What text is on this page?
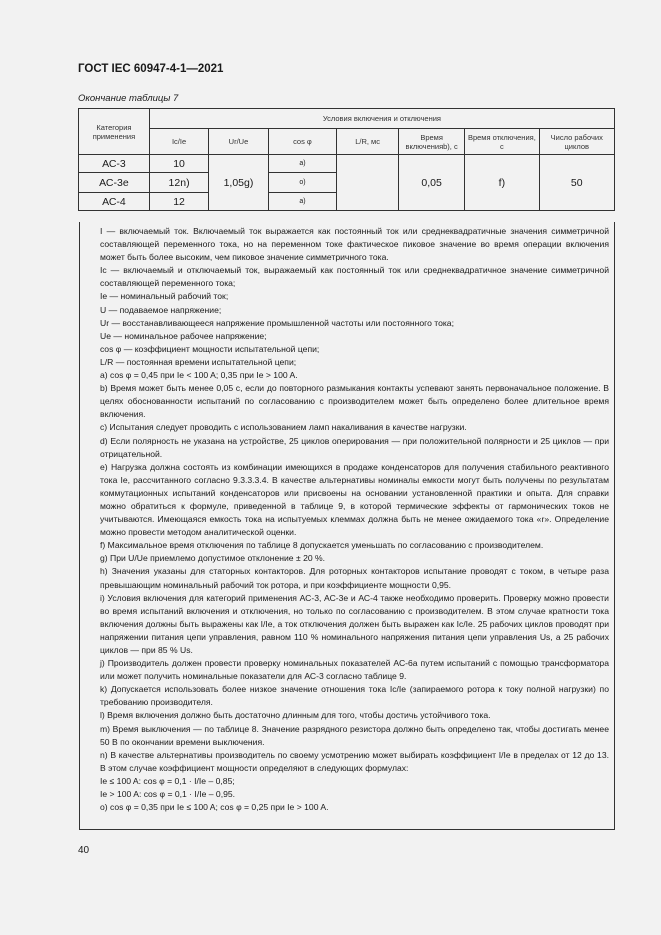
ГОСТ IEC 60947-4-1—2021
Окончание таблицы 7
Категория применения	Условия включения и отключения						
	Ic/Ie	Ur/Ue	cos φ	L/R, мс	Время включенияb), с	Время отключения, с	Число рабочих циклов
АС-3	10	1,05g)	a)		0,05	f)	50
АС-3е	12n)		o)				
АС-4	12		a)				

I — включаемый ток. Включаемый ток выражается как постоянный ток или среднеквадратичные значения симметричной составляющей переменного тока, но на переменном токе фактическое пиковое значение во время операции включения может быть более высоким, чем пиковое значение симметричного тока.

Ic — включаемый и отключаемый ток, выражаемый как постоянный ток или среднеквадратичное значение симметричной составляющей переменного тока;

Ie — номинальный рабочий ток;

U — подаваемое напряжение;

Ur — восстанавливающееся напряжение промышленной частоты или постоянного тока;

Ue — номинальное рабочее напряжение;

cos φ — коэффициент мощности испытательной цепи;

L/R — постоянная времени испытательной цепи;

a) cos φ = 0,45 при Ie < 100 A; 0,35 при Ie > 100 A.

b) Время может быть менее 0,05 с, если до повторного размыкания контакты успевают занять первоначальное положение. В целях обоснованности испытаний по согласованию с производителем может быть определено более длительное время включения.

c) Испытания следует проводить с использованием ламп накаливания в качестве нагрузки.

d) Если полярность не указана на устройстве, 25 циклов оперирования — при положительной полярности и 25 циклов — при отрицательной.

e) Нагрузка должна состоять из комбинации имеющихся в продаже конденсаторов для получения стабильного реактивного тока Ie, рассчитанного согласно 9.3.3.3.4. В качестве альтернативы номиналы емкости могут быть получены по результатам коммутационных испытаний конденсаторов или присвоены на основании установленной практики и опыта. Для справки можно обратиться к формуле, приведенной в таблице 9, в которой термические эффекты от гармонических токов не учитываются. Имеющаяся емкость тока на испытуемых клеммах должна быть не менее ожидаемого тока «r». Определение можно провести методом аналитической оценки.

f) Максимальное время отключения по таблице 8 допускается уменьшать по согласованию с производителем.

g) При U/Ue приемлемо допустимое отклонение ± 20 %.

h) Значения указаны для статорных контакторов. Для роторных контакторов испытание проводят с током, в четыре раза превышающим номинальный рабочий ток ротора, и при коэффициенте мощности 0,95.

i) Условия включения для категорий применения АС-3, АС-3е и АС-4 также необходимо проверить. Проверку можно провести во время испытаний включения и отключения, но только по согласованию с производителем. В этом случае кратности тока включения должны быть выражены как I/Ie, а ток отключения должен быть выражен как Ic/Ie. 25 рабочих циклов проводят при напряжении питания цепи управления, равном 110 % номинального напряжения питания цепи управления Us, а 25 рабочих циклов — при 85 % Us.

j) Производитель должен провести проверку номинальных показателей АС-6а путем испытаний с помощью трансформатора или может получить номинальные показатели для АС-3 согласно таблице 9.

k) Допускается использовать более низкое значение отношения тока Ic/Ie (запираемого ротора к току полной нагрузки) по требованию производителя.

l) Время включения должно быть достаточно длинным для того, чтобы достичь устойчивого тока.

m) Время выключения — по таблице 8. Значение разрядного резистора должно быть определено так, чтобы достигать менее 50 В по окончании времени выключения.

n) В качестве альтернативы производитель по своему усмотрению может выбирать коэффициент I/Ie в пределах от 12 до 13. В этом случае коэффициент мощности определяют в следующих формулах:

Ie ≤ 100 A: cos φ = 0,1 · I/Ie – 0,85;

Ie > 100 A: cos φ = 0,1 · I/Ie – 0,95.

o) cos φ = 0,35 при Ie ≤ 100 A; cos φ = 0,25 при Ie > 100 A.

40
